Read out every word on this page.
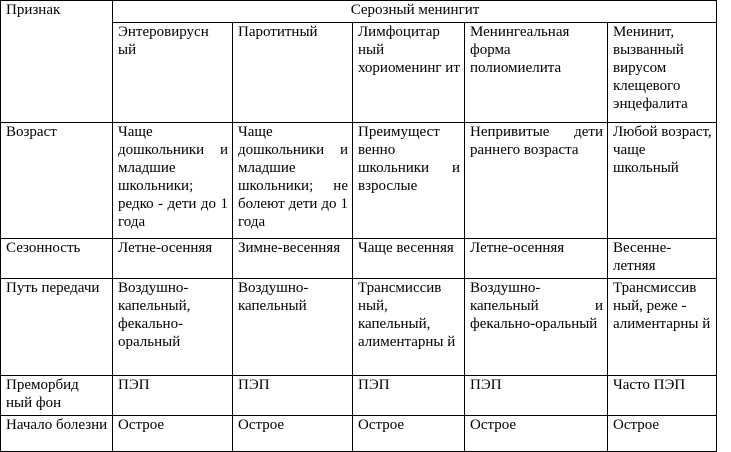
Признак	Серозный менингит				
	Энтеровирусн ый	Паротитный	Лимфоцитар ный хориоменинг ит	Менингеальная форма полиомиелита	Менинит, вызванный вирусом клещевого энцефалита
Возраст	Чаще дошкольники и младшие школьники; редко - дети до 1 года	Чаще дошкольники и младшие школьники; не болеют дети до 1 года	Преимущест венно школьники и взрослые	Непривитые дети раннего возраста	Любой возраст, чаще школьный
Сезонность	Летне-осенняя	Зимне-весенняя	Чаще весенняя	Летне-осенняя	Весенне-летняя
Путь передачи	Воздушно-капельный, фекально-оральный	Воздушно-капельный	Трансмиссив ный, капельный, алиментарны й	Воздушно-капельный и фекально-оральный	Трансмиссив ный, реже - алиментарны й
Преморбид ный фон	ПЭП	ПЭП	ПЭП	ПЭП	Часто ПЭП
Начало болезни	Острое	Острое	Острое	Острое	Острое
